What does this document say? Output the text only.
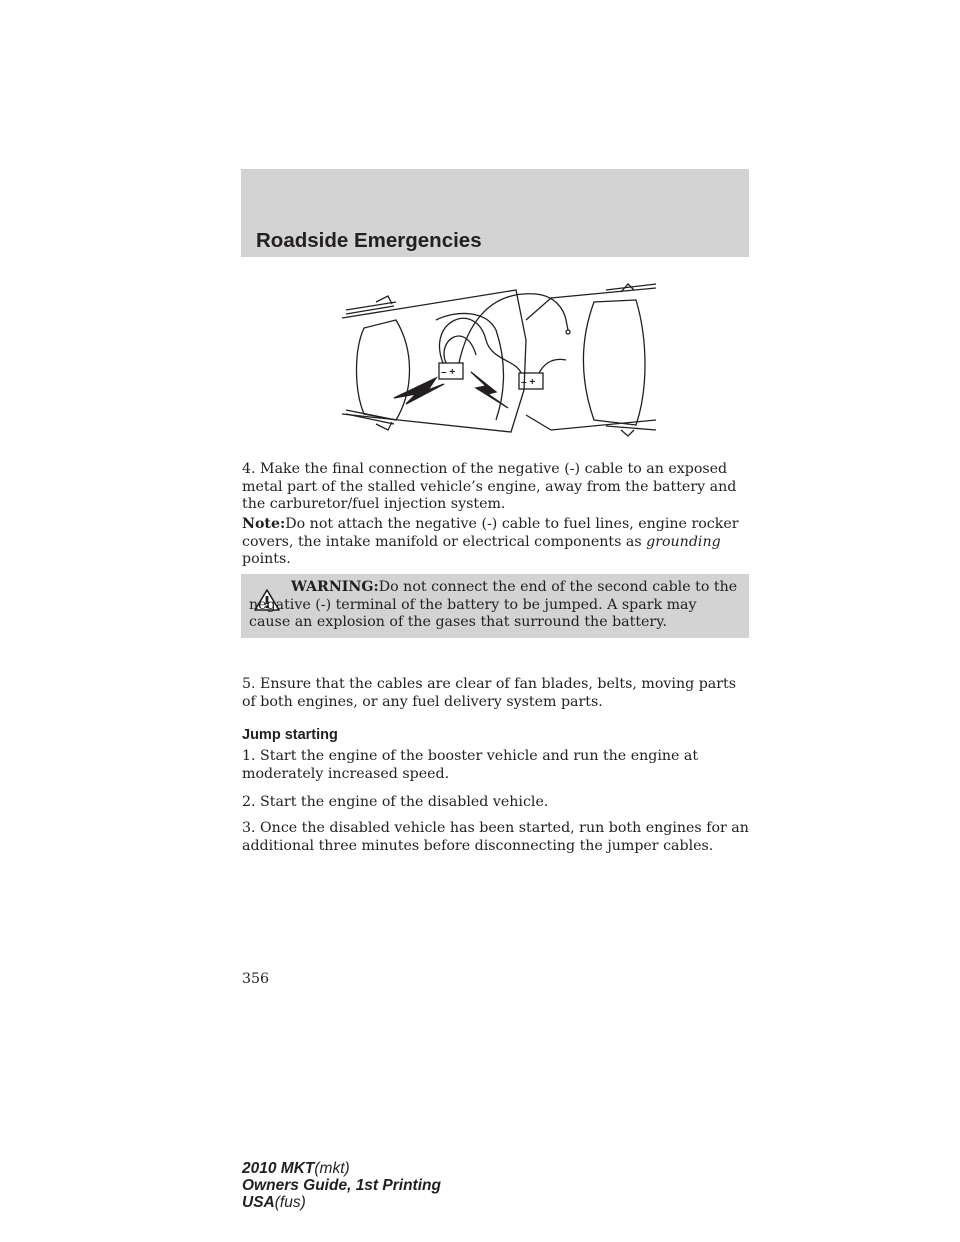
Roadside Emergencies
– +
– +

4. Make the final connection of the negative (-) cable to an exposed metal part of the stalled vehicle’s engine, away from the battery and the carburetor/fuel injection system.

Note:Do not attach the negative (-) cable to fuel lines, engine rocker covers, the intake manifold or electrical components as grounding points.

WARNING:Do not connect the end of the second cable to the negative (-) terminal of the battery to be jumped. A spark may cause an explosion of the gases that surround the battery.

5. Ensure that the cables are clear of fan blades, belts, moving parts of both engines, or any fuel delivery system parts.

Jump starting

1. Start the engine of the booster vehicle and run the engine at moderately increased speed.

2. Start the engine of the disabled vehicle.

3. Once the disabled vehicle has been started, run both engines for an additional three minutes before disconnecting the jumper cables.

356

2010 MKT(mkt)
Owners Guide, 1st Printing
USA(fus)
